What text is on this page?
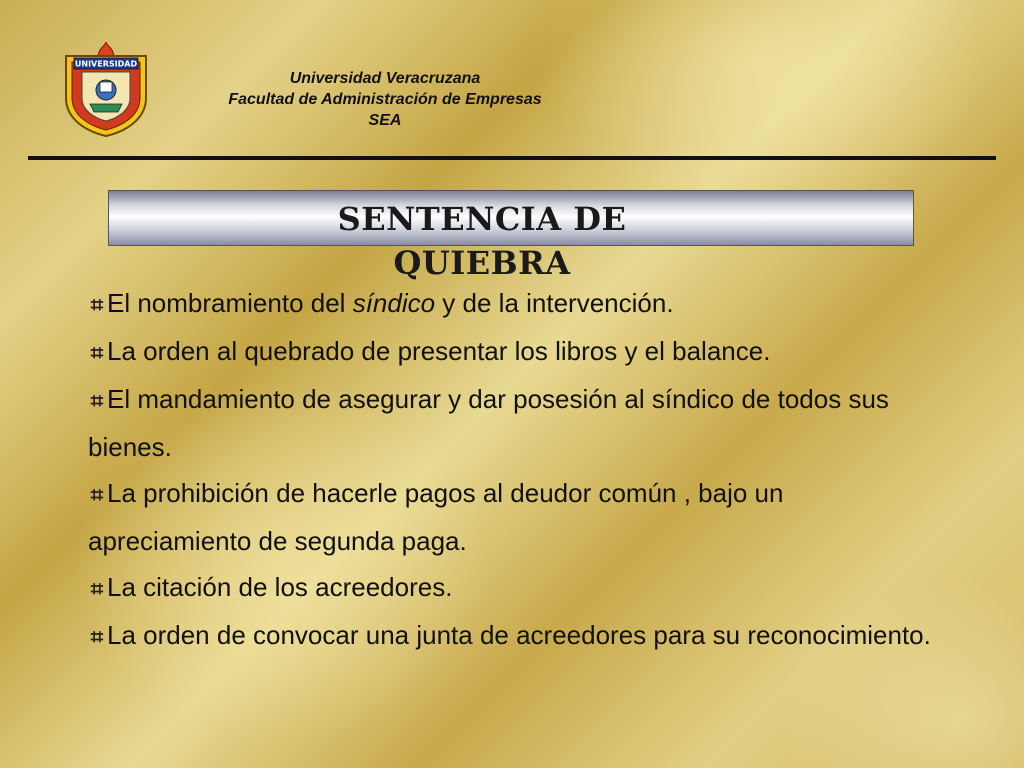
UNIVERSIDAD
Universidad Veracruzana
Facultad de Administración de Empresas
SEA
SENTENCIA DE QUIEBRA

⌗ El nombramiento del síndico y de la intervención.

⌗ La orden al quebrado de presentar los libros y el balance.

⌗ El mandamiento de asegurar y dar posesión al síndico de todos sus bienes.

⌗ La prohibición de hacerle pagos al deudor común , bajo un apreciamiento de segunda paga.

⌗ La citación de los acreedores.

⌗ La orden de convocar una junta de acreedores para su reconocimiento.
